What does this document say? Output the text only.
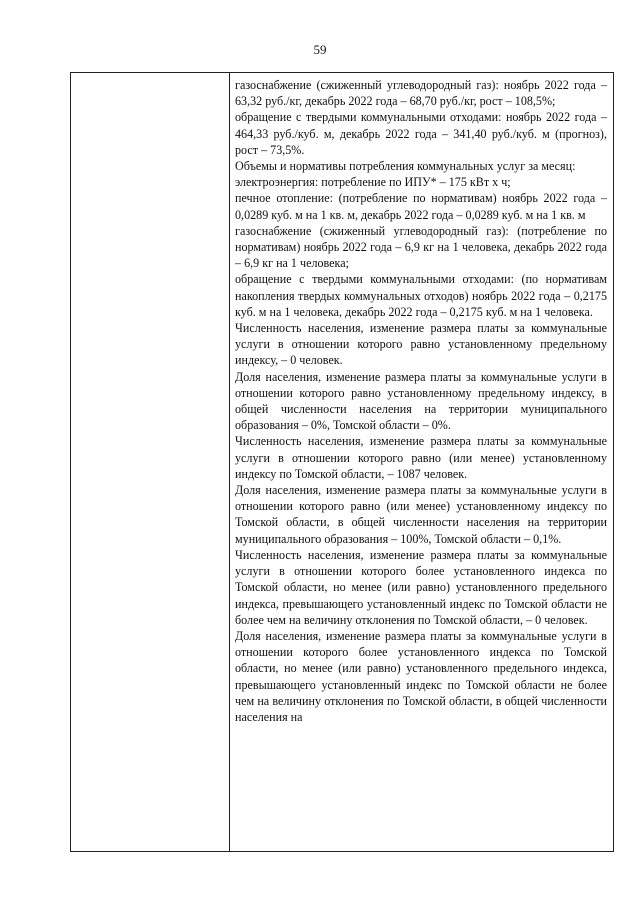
59

газоснабжение (сжиженный углеводородный газ): ноябрь 2022 года – 63,32 руб./кг, декабрь 2022 года – 68,70 руб./кг, рост – 108,5%;

обращение с твердыми коммунальными отходами: ноябрь 2022 года – 464,33 руб./куб. м, декабрь 2022 года – 341,40 руб./куб. м (прогноз), рост – 73,5%.

Объемы и нормативы потребления коммунальных услуг за месяц:

электроэнергия: потребление по ИПУ* – 175 кВт х ч;

печное отопление: (потребление по нормативам) ноябрь 2022 года – 0,0289 куб. м на 1 кв. м, декабрь 2022 года – 0,0289 куб. м на 1 кв. м

газоснабжение (сжиженный углеводородный газ): (потребление по нормативам) ноябрь 2022 года – 6,9 кг на 1 человека, декабрь 2022 года – 6,9 кг на 1 человека;

обращение с твердыми коммунальными отходами: (по нормативам накопления твердых коммунальных отходов) ноябрь 2022 года – 0,2175 куб. м на 1 человека, декабрь 2022 года – 0,2175 куб. м на 1 человека.

Численность населения, изменение размера платы за коммунальные услуги в отношении которого равно установленному предельному индексу, – 0 человек.

Доля населения, изменение размера платы за коммунальные услуги в отношении которого равно установленному предельному индексу, в общей численности населения на территории муниципального образования – 0%, Томской области – 0%.

Численность населения, изменение размера платы за коммунальные услуги в отношении которого равно (или менее) установленному индексу по Томской области, – 1087 человек.

Доля населения, изменение размера платы за коммунальные услуги в отношении которого равно (или менее) установленному индексу по Томской области, в общей численности населения на территории муниципального образования – 100%, Томской области – 0,1%.

Численность населения, изменение размера платы за коммунальные услуги в отношении которого более установленного индекса по Томской области, но менее (или равно) установленного предельного индекса, превышающего установленный индекс по Томской области не более чем на величину отклонения по Томской области, – 0 человек.

Доля населения, изменение размера платы за коммунальные услуги в отношении которого более установленного индекса по Томской области, но менее (или равно) установленного предельного индекса, превышающего установленный индекс по Томской области не более чем на величину отклонения по Томской области, в общей численности населения на
